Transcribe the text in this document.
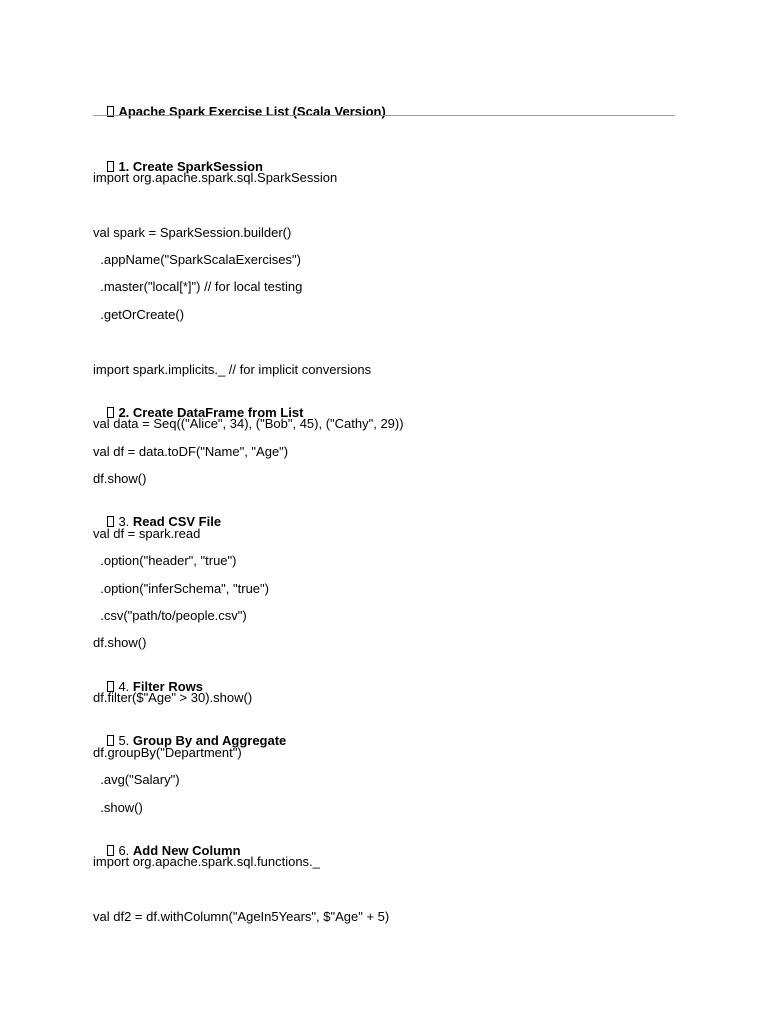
Apache Spark Exercise List (Scala Version)

1. Create SparkSession

import org.apache.spark.sql.SparkSession
val spark = SparkSession.builder()
.appName("SparkScalaExercises")
.master("local[*]") // for local testing
.getOrCreate()
import spark.implicits._ // for implicit conversions

2. Create DataFrame from List

val data = Seq(("Alice", 34), ("Bob", 45), ("Cathy", 29))
val df = data.toDF("Name", "Age")
df.show()

3. Read CSV File

val df = spark.read
.option("header", "true")
.option("inferSchema", "true")
.csv("path/to/people.csv")
df.show()

4. Filter Rows

df.filter($"Age" > 30).show()

5. Group By and Aggregate

df.groupBy("Department")
.avg("Salary")
.show()

6. Add New Column

import org.apache.spark.sql.functions._
val df2 = df.withColumn("AgeIn5Years", $"Age" + 5)
